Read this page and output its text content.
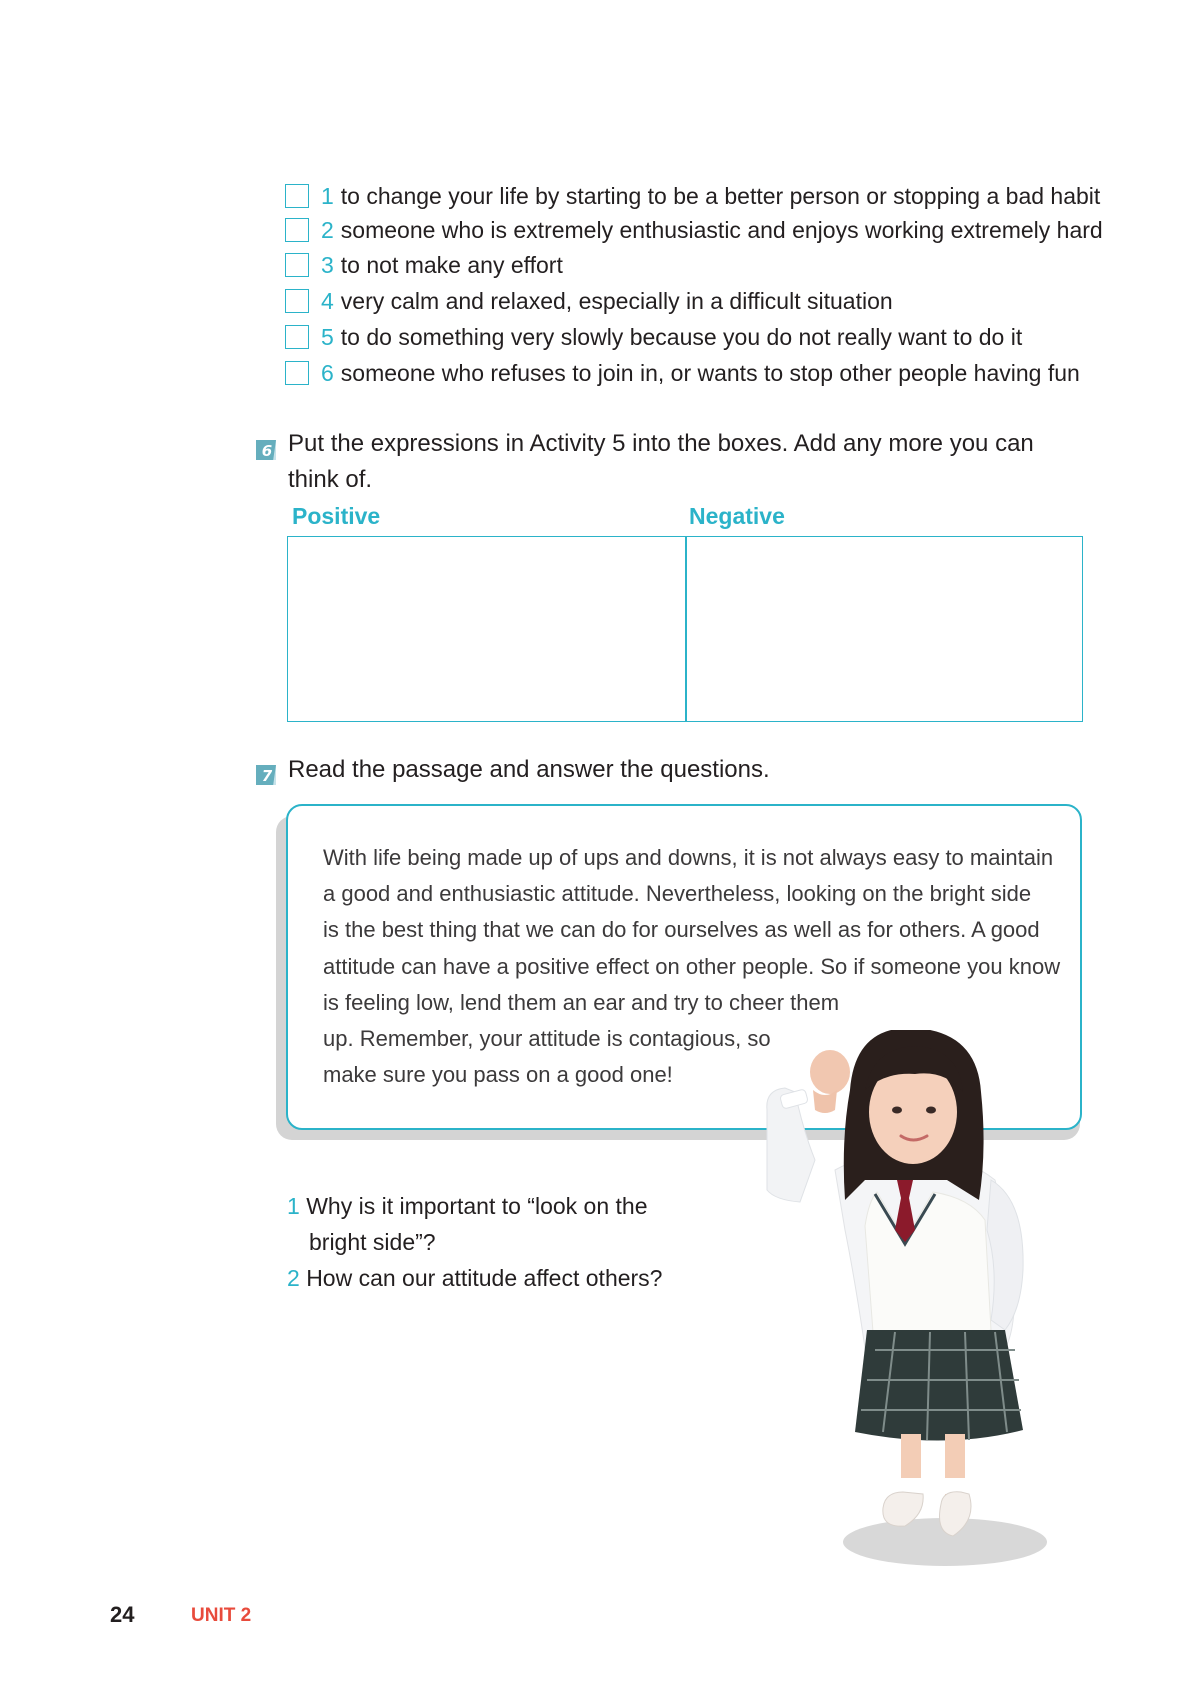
1 to change your life by starting to be a better person or stopping a bad habit
2 someone who is extremely enthusiastic and enjoys working extremely hard
3 to not make any effort
4 very calm and relaxed, especially in a difficult situation
5 to do something very slowly because you do not really want to do it
6 someone who refuses to join in, or wants to stop other people having fun
6 Put the expressions in Activity 5 into the boxes. Add any more you can
think of.
Positive	Negative
7 Read the passage and answer the questions.
With life being made up of ups and downs, it is not always easy to maintain
a good and enthusiastic attitude. Nevertheless, looking on the bright side
is the best thing that we can do for ourselves as well as for others. A good
attitude can have a positive effect on other people. So if someone you know
is feeling low, lend them an ear and try to cheer them
up. Remember, your attitude is contagious, so
make sure you pass on a good one!
1 Why is it important to “look on the
bright side”?
2 How can our attitude affect others?
24	UNIT 2
